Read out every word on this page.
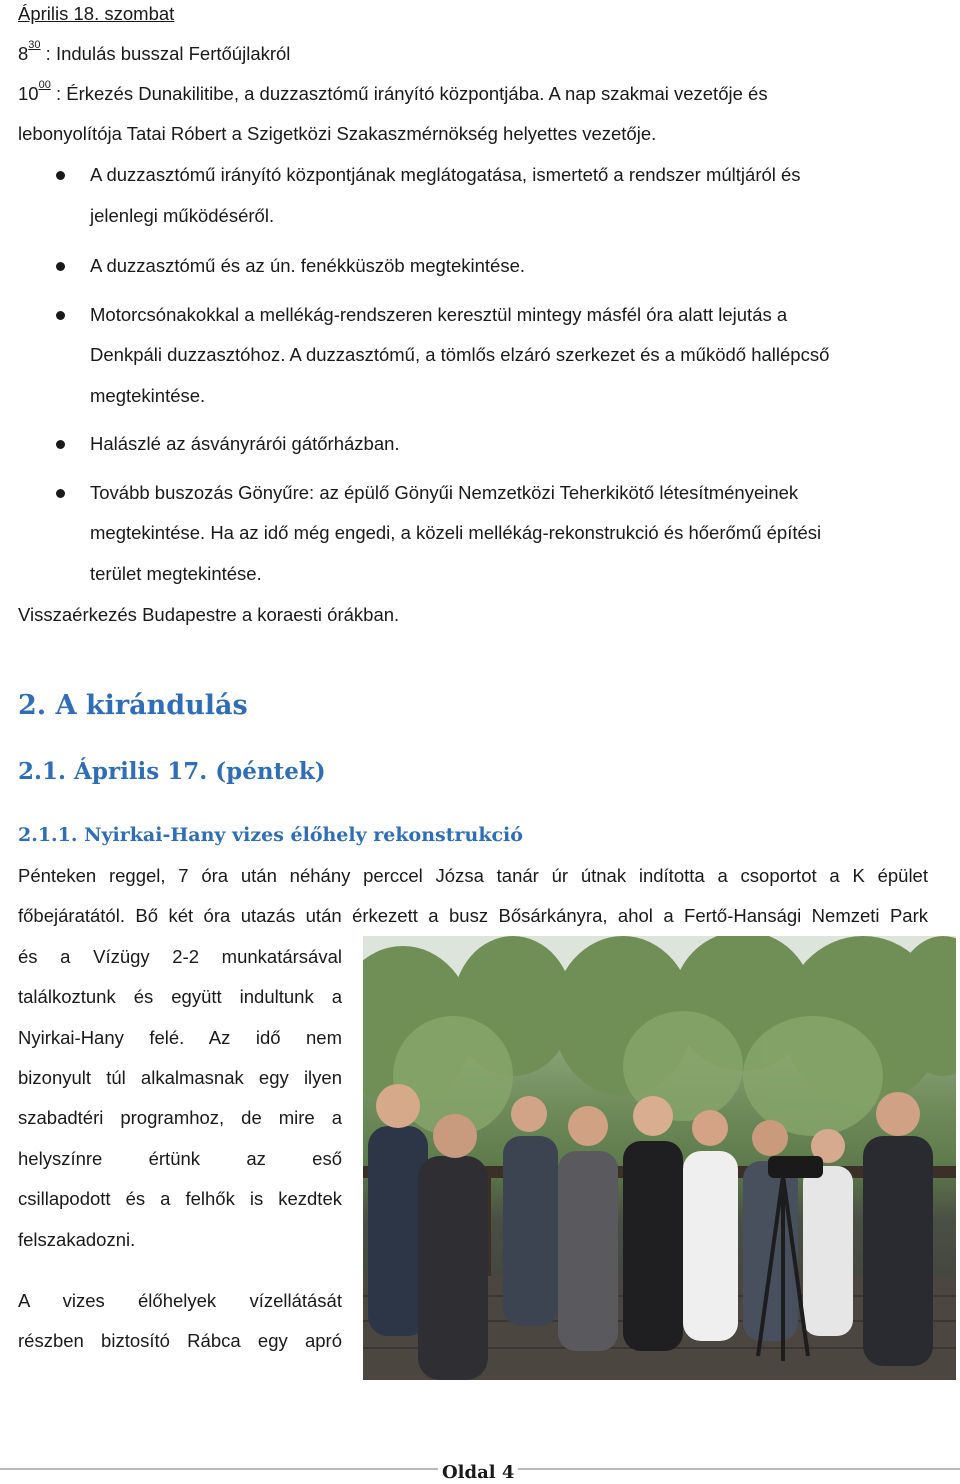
Április 18. szombat
$8^{30}$ : Indulás busszal Fertőújlakról
$10^{00}$ : Érkezés Dunakilitibe, a duzzasztómű irányító központjába. A nap szakmai vezetője és
lebonyolítója Tatai Róbert a Szigetközi Szakaszmérnökség helyettes vezetője.
A duzzasztómű irányító központjának meglátogatása, ismertető a rendszer múltjáról és
jelenlegi működéséről.
A duzzasztómű és az ún. fenékküszöb megtekintése.
Motorcsónakokkal a mellékág-rendszeren keresztül mintegy másfél óra alatt lejutás a
Denkpáli duzzasztóhoz. A duzzasztómű, a tömlős elzáró szerkezet és a működő hallépcső
megtekintése.
Halászlé az ásványrárói gátőrházban.
Tovább buszozás Gönyűre: az épülő Gönyűi Nemzetközi Teherkikötő létesítményeinek
megtekintése. Ha az idő még engedi, a közeli mellékág-rekonstrukció és hőerőmű építési
terület megtekintése.
Visszaérkezés Budapestre a koraesti órákban.
2. A kirándulás
2.1. Április 17. (péntek)
2.1.1. Nyirkai-Hany vizes élőhely rekonstrukció
Pénteken reggel, 7 óra után néhány perccel Józsa tanár úr útnak indította a csoportot a K épület
főbejáratától. Bő két óra utazás után érkezett a busz Bősárkányra, ahol a Fertő-Hansági Nemzeti Park
és a Vízügy 2-2 munkatársával
találkoztunk és együtt indultunk a
Nyirkai-Hany felé. Az idő nem
bizonyult túl alkalmasnak egy ilyen
szabadtéri programhoz, de mire a
helyszínre értünk az eső
csillapodott és a felhők is kezdtek
felszakadozni.
A vizes élőhelyek vízellátását
részben biztosító Rábca egy apró
Oldal 4
